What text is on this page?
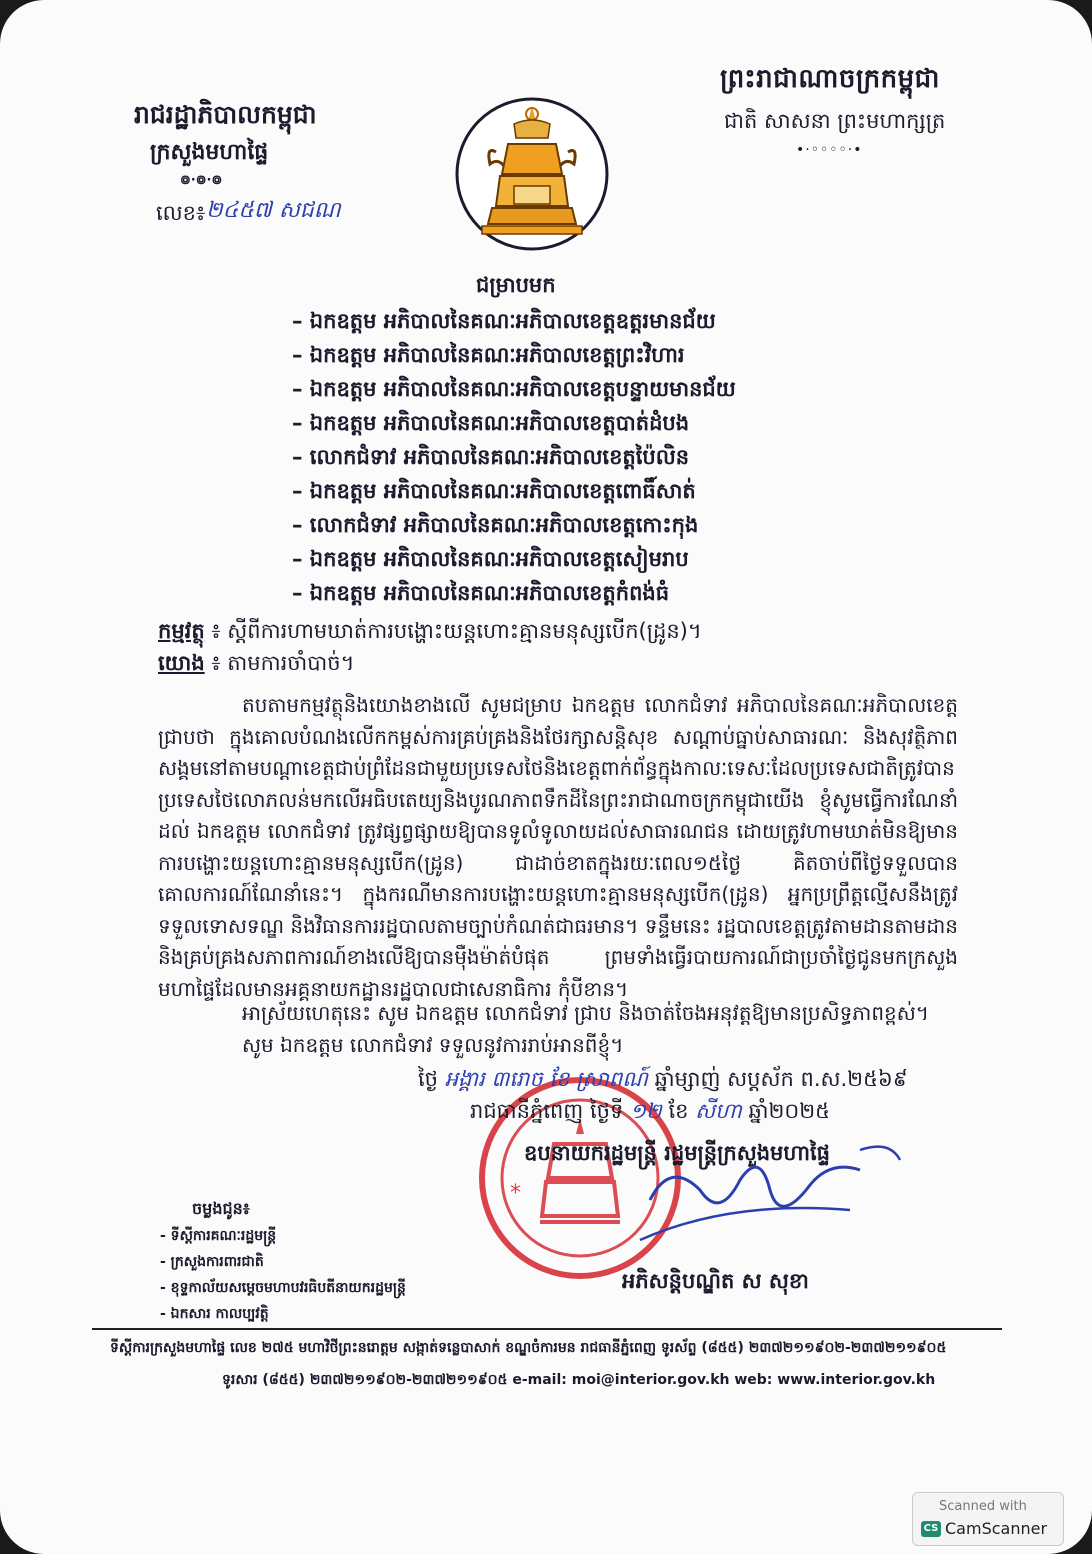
ព្រះរាជាណាចក្រកម្ពុជា
ជាតិ សាសនា ព្រះមហាក្សត្រ
•·◦◦◦◦·•
រាជរដ្ឋាភិបាលកម្ពុជា
ក្រសួងមហាផ្ទៃ
៙·៙·៙
លេខ៖ ២៤៥៧ សជណ
ជម្រាបមក
– ឯកឧត្តម អភិបាលនៃគណៈអភិបាលខេត្តឧត្តរមានជ័យ
– ឯកឧត្តម អភិបាលនៃគណៈអភិបាលខេត្តព្រះវិហារ
– ឯកឧត្តម អភិបាលនៃគណៈអភិបាលខេត្តបន្ទាយមានជ័យ
– ឯកឧត្តម អភិបាលនៃគណៈអភិបាលខេត្តបាត់ដំបង
– លោកជំទាវ អភិបាលនៃគណៈអភិបាលខេត្តប៉ៃលិន
– ឯកឧត្តម អភិបាលនៃគណៈអភិបាលខេត្តពោធិ៍សាត់
– លោកជំទាវ អភិបាលនៃគណៈអភិបាលខេត្តកោះកុង
– ឯកឧត្តម អភិបាលនៃគណៈអភិបាលខេត្តសៀមរាប
– ឯកឧត្តម អភិបាលនៃគណៈអភិបាលខេត្តកំពង់ធំ
កម្មវត្ថុ ៖ ស្ដីពីការហាមឃាត់ការបង្ហោះយន្តហោះគ្មានមនុស្សបើក(ដ្រូន)។
យោង ៖ តាមការចាំបាច់។

តបតាមកម្មវត្ថុនិងយោងខាងលើ សូមជម្រាប ឯកឧត្តម លោកជំទាវ អភិបាលនៃគណៈអភិបាលខេត្ត ជ្រាបថា ក្នុងគោលបំណងលើកកម្ពស់ការគ្រប់គ្រងនិងថែរក្សាសន្តិសុខ សណ្ដាប់ធ្នាប់សាធារណៈ និងសុវត្ថិភាពសង្គមនៅតាមបណ្ដាខេត្តជាប់ព្រំដែនជាមួយប្រទេសថៃនិងខេត្តពាក់ព័ន្ធក្នុងកាលៈទេសៈដែលប្រទេសជាតិត្រូវបានប្រទេសថៃលោភលន់មកលើអធិបតេយ្យនិងបូរណភាពទឹកដីនៃព្រះរាជាណាចក្រកម្ពុជាយើង ខ្ញុំសូមធ្វើការណែនាំដល់ ឯកឧត្តម លោកជំទាវ ត្រូវផ្សព្វផ្សាយឱ្យបានទូលំទូលាយដល់សាធារណជន ដោយត្រូវហាមឃាត់មិនឱ្យមានការបង្ហោះយន្តហោះគ្មានមនុស្សបើក(ដ្រូន) ជាដាច់ខាតក្នុងរយៈពេល១៥ថ្ងៃ គិតចាប់ពីថ្ងៃទទួលបានគោលការណ៍ណែនាំនេះ។ ក្នុងករណីមានការបង្ហោះយន្តហោះគ្មានមនុស្សបើក(ដ្រូន) អ្នកប្រព្រឹត្តល្មើសនឹងត្រូវទទួលទោសទណ្ឌ និងវិធានការរដ្ឋបាលតាមច្បាប់កំណត់ជាធរមាន។ ទន្ទឹមនេះ រដ្ឋបាលខេត្តត្រូវតាមដានតាមដាន និងគ្រប់គ្រងសភាពការណ៍ខាងលើឱ្យបានម៉ឺងម៉ាត់បំផុត ព្រមទាំងធ្វើរបាយការណ៍ជាប្រចាំថ្ងៃជូនមកក្រសួងមហាផ្ទៃដែលមានអគ្គនាយកដ្ឋានរដ្ឋបាលជាសេនាធិការ កុំបីខាន។

អាស្រ័យហេតុនេះ សូម ឯកឧត្តម លោកជំទាវ ជ្រាប និងចាត់ចែងអនុវត្តឱ្យមានប្រសិទ្ធភាពខ្ពស់។

សូម ឯកឧត្តម លោកជំទាវ ទទួលនូវការរាប់អានពីខ្ញុំ។

*
ថ្ងៃ អង្គារ ៣រោច ខែ ស្រាពណ៍ ឆ្នាំម្សាញ់ សប្តស័ក ព.ស.២៥៦៩
រាជធានីភ្នំពេញ ថ្ងៃទី ១២ ខែ សីហា ឆ្នាំ២០២៥
ឧបនាយករដ្ឋមន្ត្រី រដ្ឋមន្ត្រីក្រសួងមហាផ្ទៃ
អភិសន្តិបណ្ឌិត ស សុខា
ចម្លងជូន៖
- ទីស្តីការគណៈរដ្ឋមន្ត្រី
- ក្រសួងការពារជាតិ
- ខុទ្ទកាល័យសម្ដេចមហាបវរធិបតីនាយករដ្ឋមន្ត្រី
- ឯកសារ កាលប្បវត្តិ
ទីស្តីការក្រសួងមហាផ្ទៃ លេខ ២៧៥ មហាវិថីព្រះនរោត្តម សង្កាត់ទន្លេបាសាក់ ខណ្ឌចំការមន រាជធានីភ្នំពេញ ទូរស័ព្ទ (៨៥៥) ២៣៧២១១៩០២-២៣៧២១១៩០៥
ទូរសារ (៨៥៥) ២៣៧២១១៩០២-២៣៧២១១៩០៥ e-mail: moi@interior.gov.kh web: www.interior.gov.kh
Scanned with
CS CamScanner
